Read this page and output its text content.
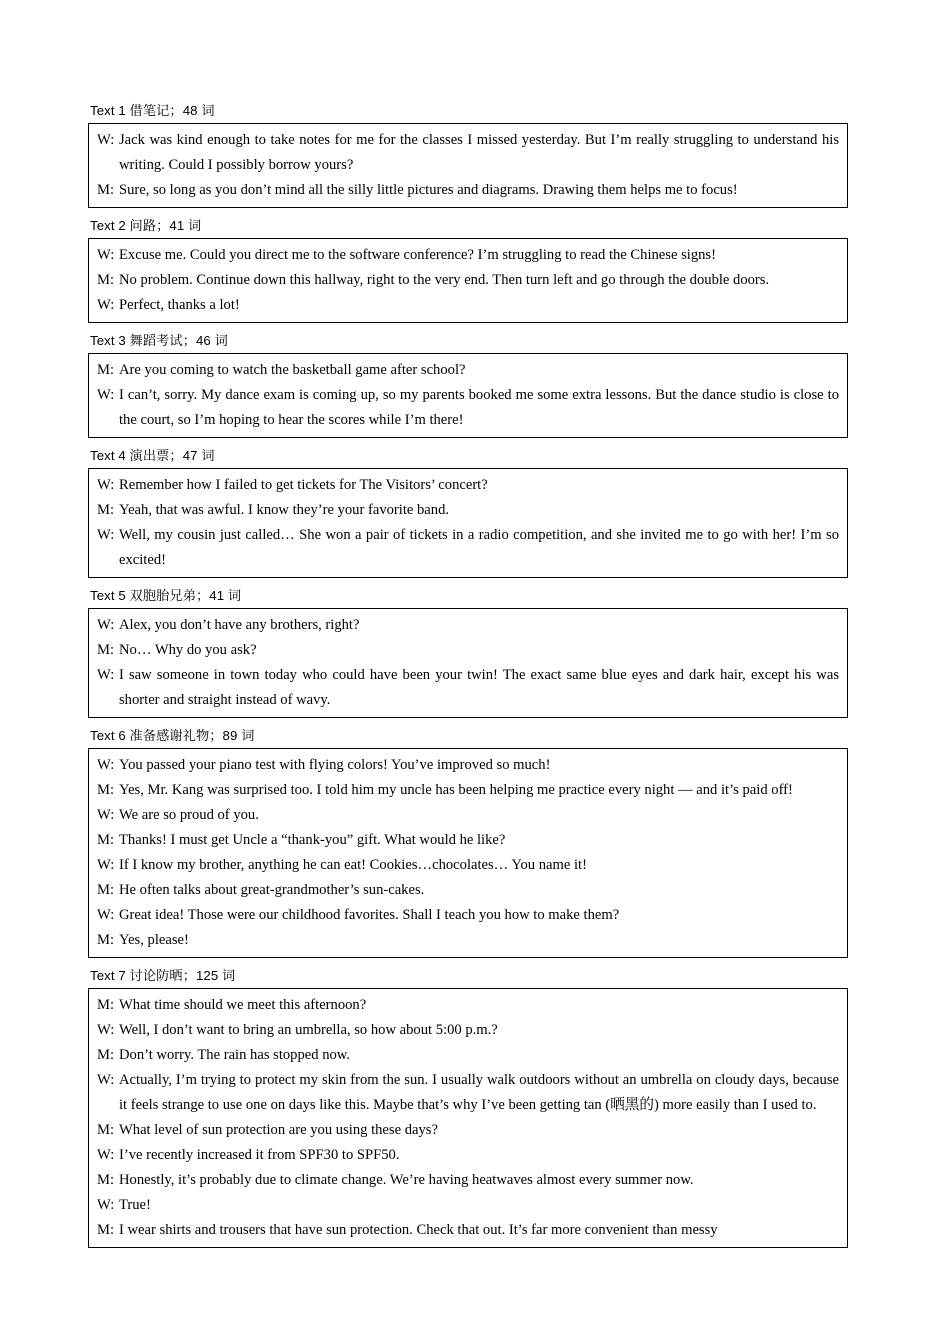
Text 1 借笔记；48 词
W: Jack was kind enough to take notes for me for the classes I missed yesterday. But I’m really struggling to understand his writing. Could I possibly borrow yours?
M: Sure, so long as you don’t mind all the silly little pictures and diagrams. Drawing them helps me to focus!
Text 2 问路；41 词
W: Excuse me. Could you direct me to the software conference? I’m struggling to read the Chinese signs!
M: No problem. Continue down this hallway, right to the very end. Then turn left and go through the double doors.
W: Perfect, thanks a lot!
Text 3 舞蹈考试；46 词
M: Are you coming to watch the basketball game after school?
W: I can’t, sorry. My dance exam is coming up, so my parents booked me some extra lessons. But the dance studio is close to the court, so I’m hoping to hear the scores while I’m there!
Text 4 演出票；47 词
W: Remember how I failed to get tickets for The Visitors’ concert?
M: Yeah, that was awful. I know they’re your favorite band.
W: Well, my cousin just called… She won a pair of tickets in a radio competition, and she invited me to go with her! I’m so excited!
Text 5 双胞胎兄弟；41 词
W: Alex, you don’t have any brothers, right?
M: No… Why do you ask?
W: I saw someone in town today who could have been your twin! The exact same blue eyes and dark hair, except his was shorter and straight instead of wavy.
Text 6 准备感谢礼物；89 词
W: You passed your piano test with flying colors! You’ve improved so much!
M: Yes, Mr. Kang was surprised too. I told him my uncle has been helping me practice every night — and it’s paid off!
W: We are so proud of you.
M: Thanks! I must get Uncle a “thank-you” gift. What would he like?
W: If I know my brother, anything he can eat! Cookies…chocolates… You name it!
M: He often talks about great-grandmother’s sun-cakes.
W: Great idea! Those were our childhood favorites. Shall I teach you how to make them?
M: Yes, please!
Text 7 讨论防晒；125 词
M: What time should we meet this afternoon?
W: Well, I don’t want to bring an umbrella, so how about 5:00 p.m.?
M: Don’t worry. The rain has stopped now.
W: Actually, I’m trying to protect my skin from the sun. I usually walk outdoors without an umbrella on cloudy days, because it feels strange to use one on days like this. Maybe that’s why I’ve been getting tan (晒黑的) more easily than I used to.
M: What level of sun protection are you using these days?
W: I’ve recently increased it from SPF30 to SPF50.
M: Honestly, it’s probably due to climate change. We’re having heatwaves almost every summer now.
W: True!
M: I wear shirts and trousers that have sun protection. Check that out. It’s far more convenient than messy
